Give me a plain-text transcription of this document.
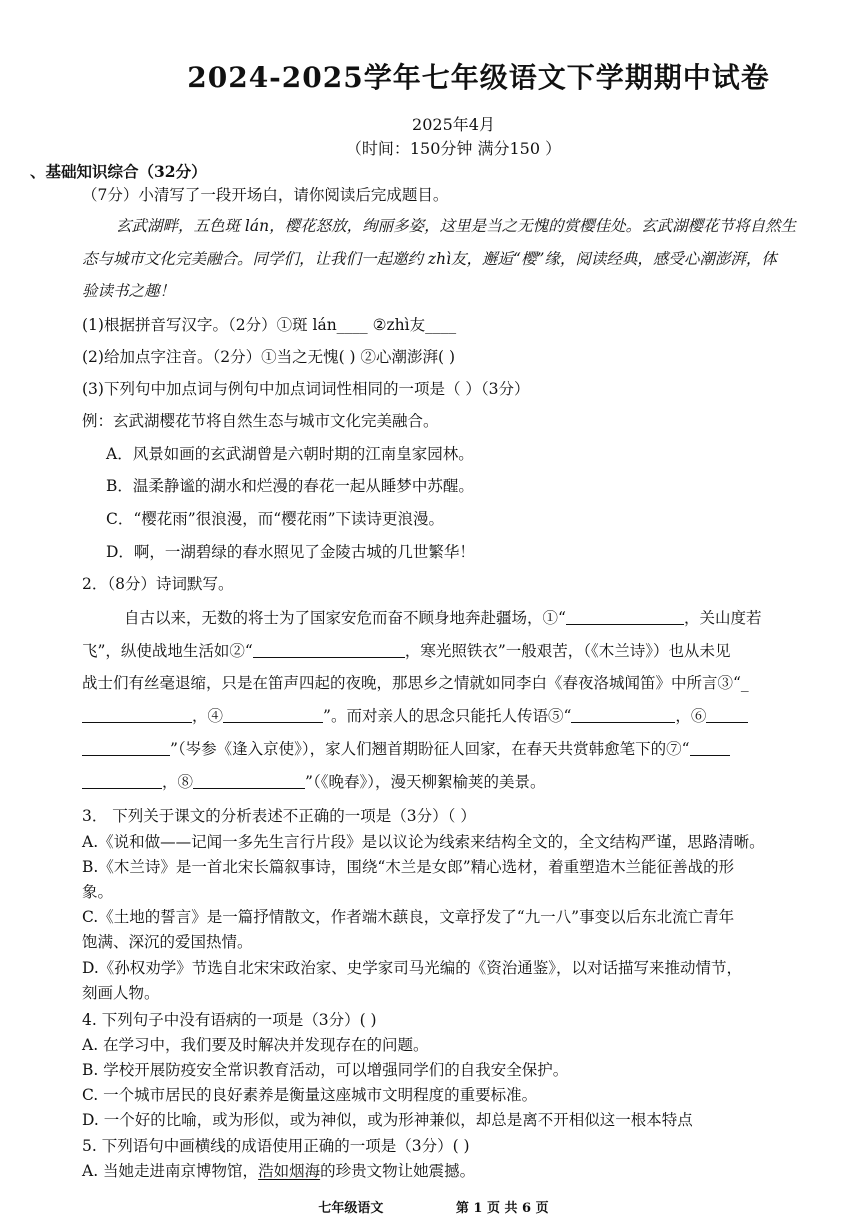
2024-2025学年七年级语文下学期期中试卷
2025年4月
（时间：150分钟 满分150 ）
、基础知识综合（32分）
（7分）小清写了一段开场白，请你阅读后完成题目。
玄武湖畔，五色斑 lán，樱花怒放，绚丽多姿，这里是当之无愧的赏樱佳处。玄武湖樱花节将自然生
态与城市文化完美融合。同学们，让我们一起邀约 zhì友，邂逅“樱”缘，阅读经典，感受心潮澎湃，体
验读书之趣！
(1)根据拼音写汉字。（2分）①斑 lán____ ②zhì友____
(2)给加点字注音。（2分）①当之无愧( ) ②心潮澎湃( )
(3)下列句中加点词与例句中加点词词性相同的一项是（ ）（3分）
例：玄武湖樱花节将自然生态与城市文化完美融合。
A．风景如画的玄武湖曾是六朝时期的江南皇家园林。
B．温柔静谧的湖水和烂漫的春花一起从睡梦中苏醒。
C．“樱花雨”很浪漫，而“樱花雨”下读诗更浪漫。
D．啊，一湖碧绿的春水照见了金陵古城的几世繁华！
2．（8分）诗词默写。
自古以来，无数的将士为了国家安危而奋不顾身地奔赴疆场，①“	，关山度若
飞”，纵使战地生活如②“	，寒光照铁衣”一般艰苦，（《木兰诗》）也从未见
战士们有丝毫退缩，只是在笛声四起的夜晚，那思乡之情就如同李白《春夜洛城闻笛》中所言③“_
，④	”。而对亲人的思念只能托人传语⑤“	，⑥
”（岑参《逢入京使》），家人们翘首期盼征人回家，在春天共赏韩愈笔下的⑦“
，⑧	”（《晚春》），漫天柳絮榆荚的美景。
3． 下列关于课文的分析表述不正确的一项是（3分）（ ）
A.《说和做——记闻一多先生言行片段》是以议论为线索来结构全文的，全文结构严谨，思路清晰。
B.《木兰诗》是一首北宋长篇叙事诗，围绕“木兰是女郎”精心选材，着重塑造木兰能征善战的形
象。
C.《土地的誓言》是一篇抒情散文，作者端木蕻良，文章抒发了“九一八”事变以后东北流亡青年
饱满、深沉的爱国热情。
D.《孙权劝学》节选自北宋宋政治家、史学家司马光编的《资治通鉴》，以对话描写来推动情节，
刻画人物。
4. 下列句子中没有语病的一项是（3分）( )
A. 在学习中，我们要及时解决并发现存在的问题。
B. 学校开展防疫安全常识教育活动，可以增强同学们的自我安全保护。
C. 一个城市居民的良好素养是衡量这座城市文明程度的重要标准。
D. 一个好的比喻，或为形似，或为神似，或为形神兼似，却总是离不开相似这一根本特点
5. 下列语句中画横线的成语使用正确的一项是（3分）( )
A. 当她走进南京博物馆，浩如烟海的珍贵文物让她震撼。
七年级语文	第 1 页 共 6 页
